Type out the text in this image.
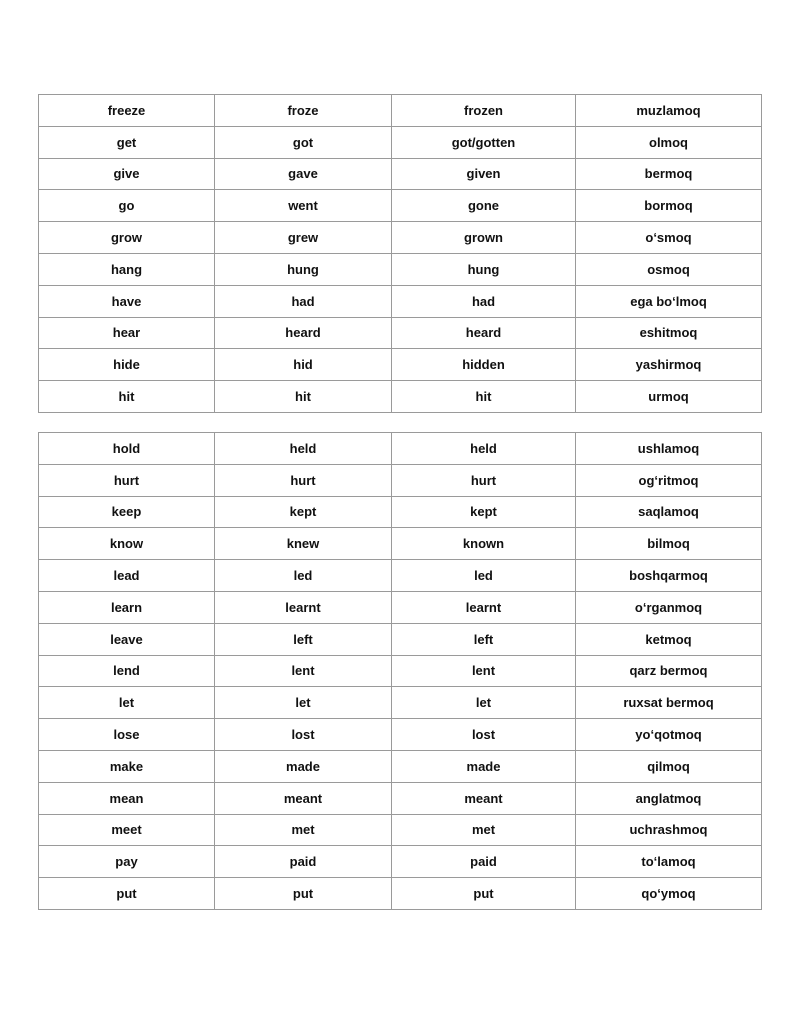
freeze	froze	frozen	muzlamoq
get	got	got/gotten	olmoq
give	gave	given	bermoq
go	went	gone	bormoq
grow	grew	grown	o‘smoq
hang	hung	hung	osmoq
have	had	had	ega bo‘lmoq
hear	heard	heard	eshitmoq
hide	hid	hidden	yashirmoq
hit	hit	hit	urmoq
hold	held	held	ushlamoq
hurt	hurt	hurt	og‘ritmoq
keep	kept	kept	saqlamoq
know	knew	known	bilmoq
lead	led	led	boshqarmoq
learn	learnt	learnt	o‘rganmoq
leave	left	left	ketmoq
lend	lent	lent	qarz bermoq
let	let	let	ruxsat bermoq
lose	lost	lost	yo‘qotmoq
make	made	made	qilmoq
mean	meant	meant	anglatmoq
meet	met	met	uchrashmoq
pay	paid	paid	to‘lamoq
put	put	put	qo‘ymoq
